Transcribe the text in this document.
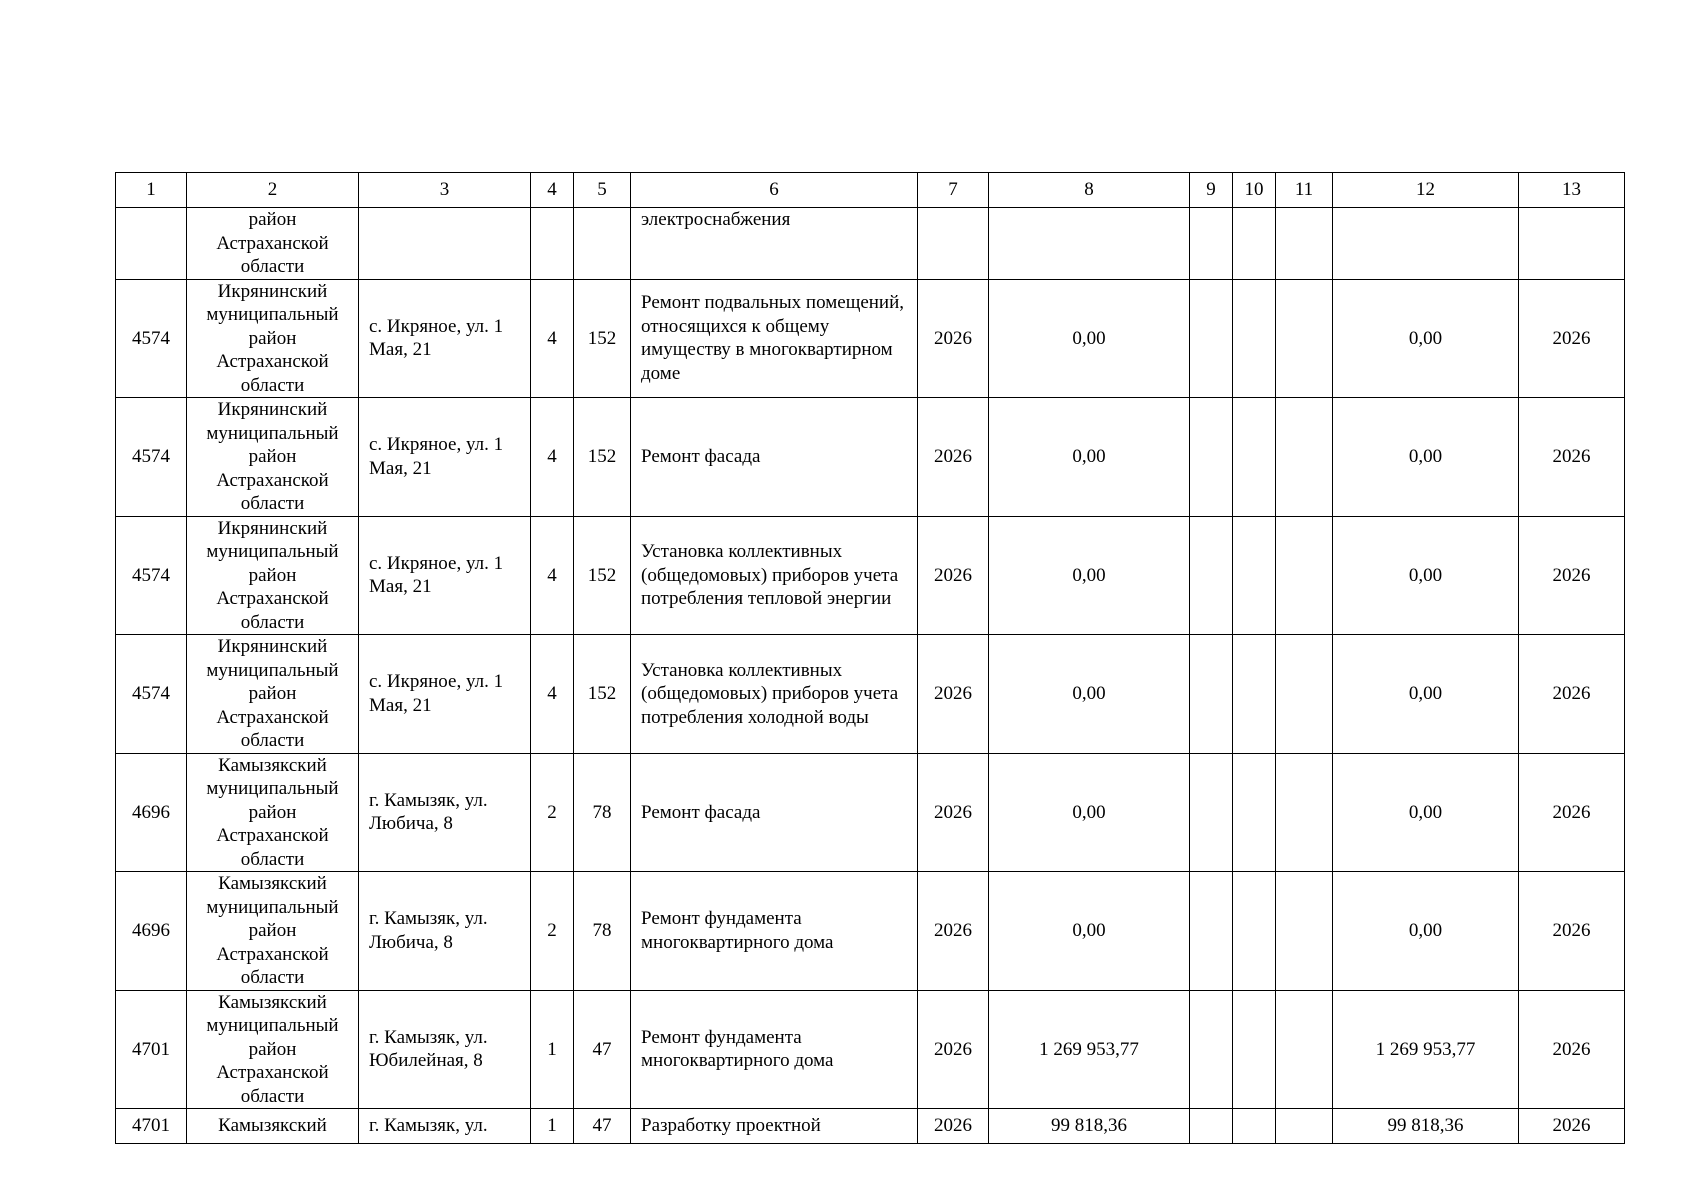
1	2	3	4	5	6	7	8	9	10	11	12	13
	район Астраханской области				электроснабжения							
4574	Икрянинский муниципальный район Астраханской области	с. Икряное, ул. 1 Мая, 21	4	152	Ремонт подвальных помещений, относящихся к общему имуществу в многоквартирном доме	2026	0,00				0,00	2026
4574	Икрянинский муниципальный район Астраханской области	с. Икряное, ул. 1 Мая, 21	4	152	Ремонт фасада	2026	0,00				0,00	2026
4574	Икрянинский муниципальный район Астраханской области	с. Икряное, ул. 1 Мая, 21	4	152	Установка коллективных (общедомовых) приборов учета потребления тепловой энергии	2026	0,00				0,00	2026
4574	Икрянинский муниципальный район Астраханской области	с. Икряное, ул. 1 Мая, 21	4	152	Установка коллективных (общедомовых) приборов учета потребления холодной воды	2026	0,00				0,00	2026
4696	Камызякский муниципальный район Астраханской области	г. Камызяк, ул. Любича, 8	2	78	Ремонт фасада	2026	0,00				0,00	2026
4696	Камызякский муниципальный район Астраханской области	г. Камызяк, ул. Любича, 8	2	78	Ремонт фундамента многоквартирного дома	2026	0,00				0,00	2026
4701	Камызякский муниципальный район Астраханской области	г. Камызяк, ул. Юбилейная, 8	1	47	Ремонт фундамента многоквартирного дома	2026	1 269 953,77				1 269 953,77	2026
4701	Камызякский	г. Камызяк, ул.	1	47	Разработку проектной	2026	99 818,36				99 818,36	2026
